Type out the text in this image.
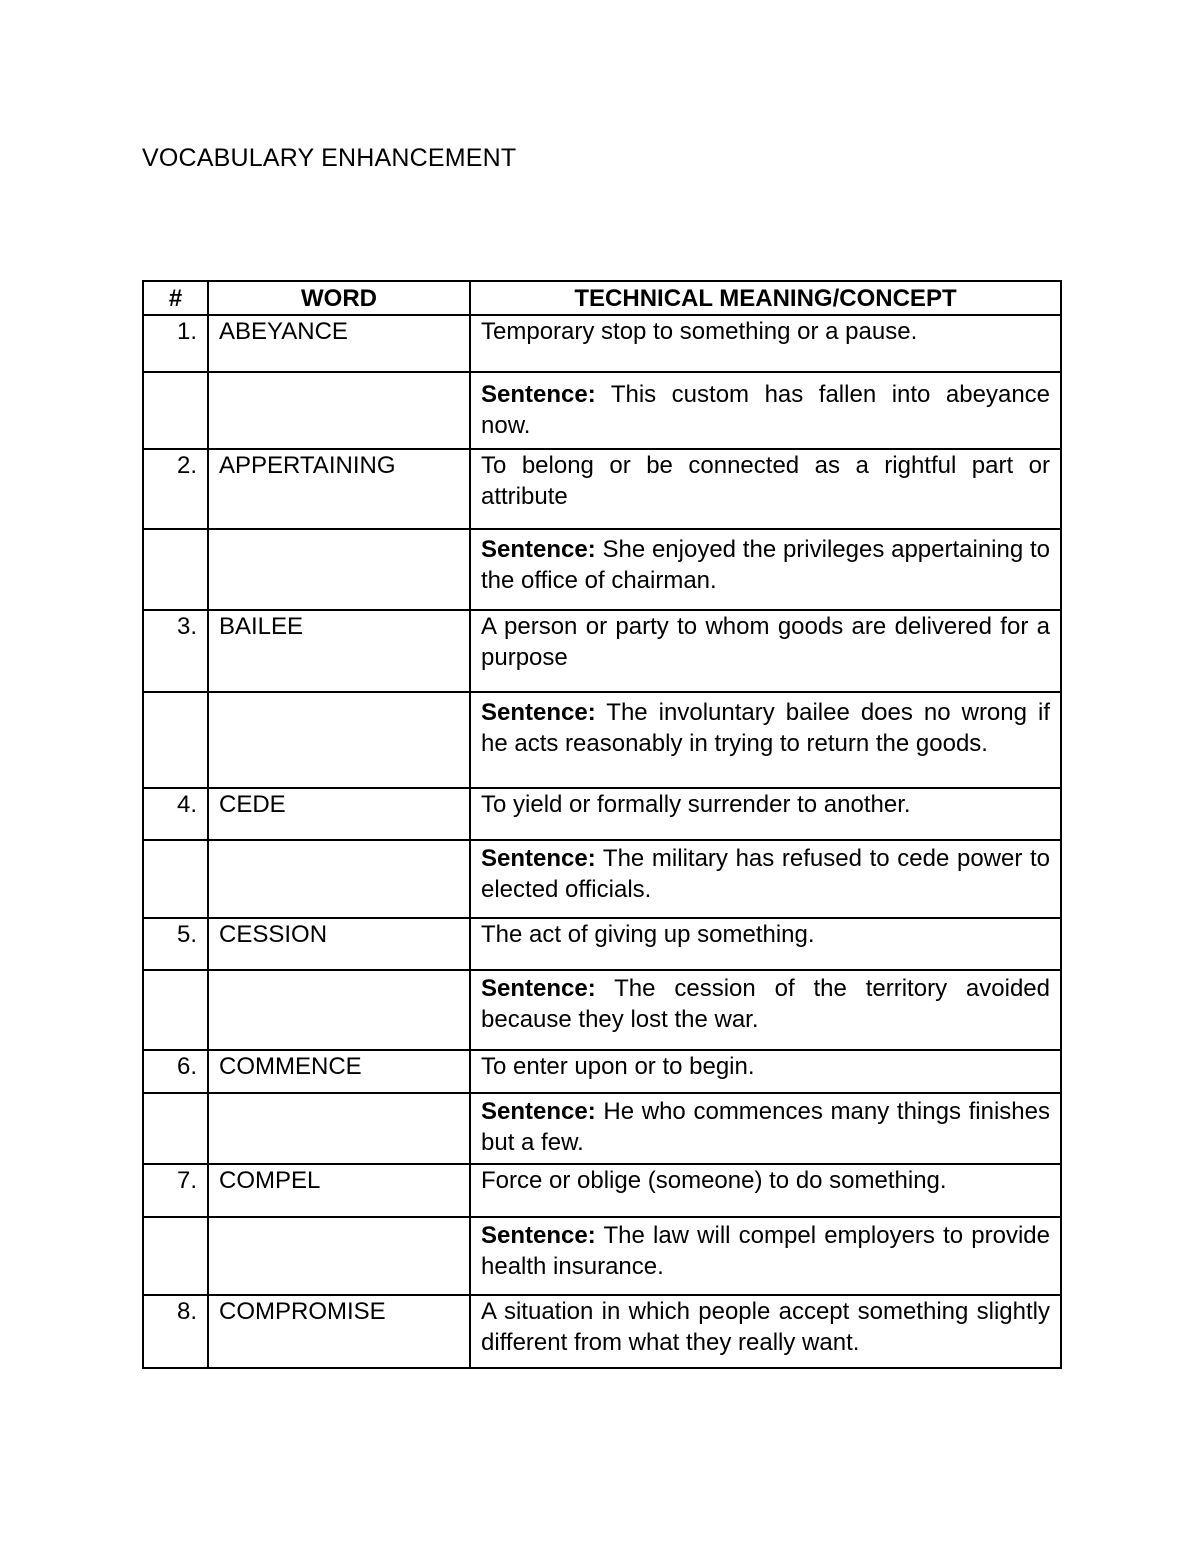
VOCABULARY ENHANCEMENT
#	WORD	TECHNICAL MEANING/CONCEPT
1.	ABEYANCE	Temporary stop to something or a pause.
		Sentence: This custom has fallen into abeyance now.
2.	APPERTAINING	To belong or be connected as a rightful part or attribute
		Sentence: She enjoyed the privileges appertaining to the office of chairman.
3.	BAILEE	A person or party to whom goods are delivered for a purpose
		Sentence: The involuntary bailee does no wrong if he acts reasonably in trying to return the goods.
4.	CEDE	To yield or formally surrender to another.
		Sentence: The military has refused to cede power to elected officials.
5.	CESSION	The act of giving up something.
		Sentence: The cession of the territory avoided because they lost the war.
6.	COMMENCE	To enter upon or to begin.
		Sentence: He who commences many things finishes but a few.
7.	COMPEL	Force or oblige (someone) to do something.
		Sentence: The law will compel employers to provide health insurance.
8.	COMPROMISE	A situation in which people accept something slightly different from what they really want.
